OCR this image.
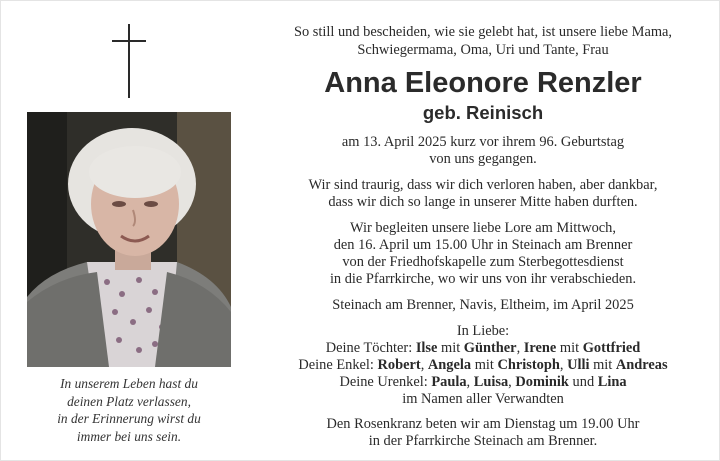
In unserem Leben hast du
deinen Platz verlassen,
in der Erinnerung wirst du
immer bei uns sein.
So still und bescheiden, wie sie gelebt hat, ist unsere liebe Mama,
Schwiegermama, Oma, Uri und Tante, Frau
Anna Eleonore Renzler
geb. Reinisch
am 13. April 2025 kurz vor ihrem 96. Geburtstag
von uns gegangen.
Wir sind traurig, dass wir dich verloren haben, aber dankbar,
dass wir dich so lange in unserer Mitte haben durften.
Wir begleiten unsere liebe Lore am Mittwoch,
den 16. April um 15.00 Uhr in Steinach am Brenner
von der Friedhofskapelle zum Sterbegottesdienst
in die Pfarrkirche, wo wir uns von ihr verabschieden.
Steinach am Brenner, Navis, Eltheim, im April 2025
In Liebe:
Deine Töchter: Ilse mit Günther, Irene mit Gottfried
Deine Enkel: Robert, Angela mit Christoph, Ulli mit Andreas
Deine Urenkel: Paula, Luisa, Dominik und Lina
im Namen aller Verwandten
Den Rosenkranz beten wir am Dienstag um 19.00 Uhr
in der Pfarrkirche Steinach am Brenner.
